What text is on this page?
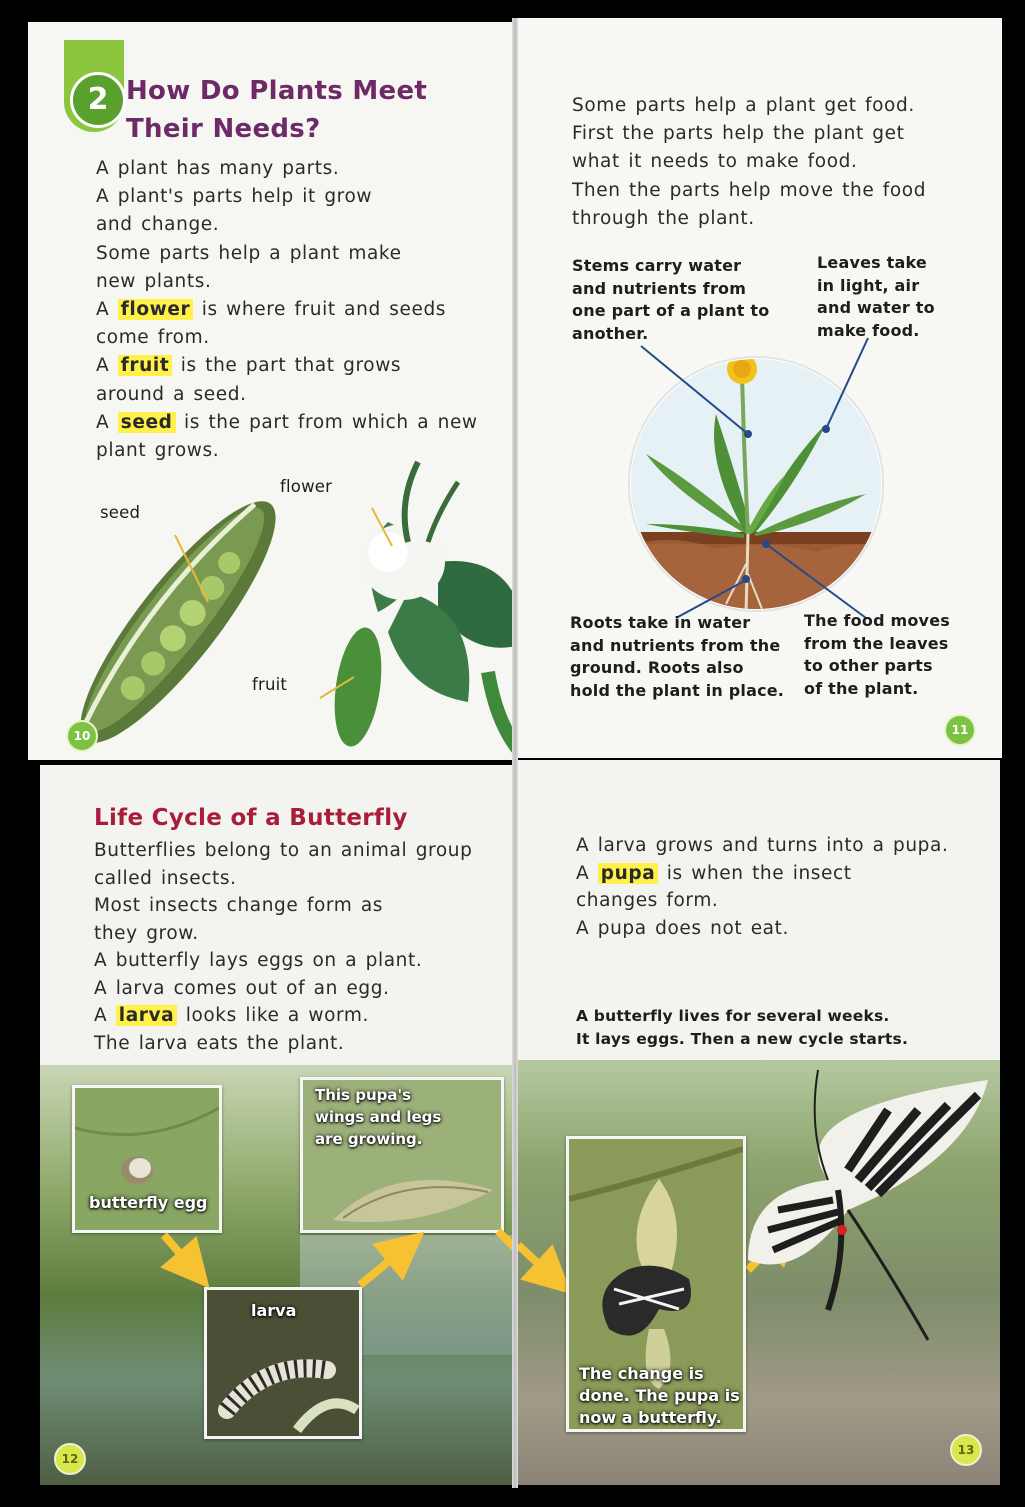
2 How Do Plants Meet
Their Needs?
A plant has many parts.
A plant's parts help it grow
and change.
Some parts help a plant make
new plants.
A flower is where fruit and seeds
come from.
A fruit is the part that grows
around a seed.
A seed is the part from which a new
plant grows.
seed
flower
fruit
10
Some parts help a plant get food.
First the parts help the plant get
what it needs to make food.
Then the parts help move the food
through the plant.
Stems carry water
and nutrients from
one part of a plant to
another.
Leaves take
in light, air
and water to
make food.
Roots take in water
and nutrients from the
ground. Roots also
hold the plant in place.
The food moves
from the leaves
to other parts
of the plant.
11
Life Cycle of a Butterfly
Butterflies belong to an animal group
called insects.
Most insects change form as
they grow.
A butterfly lays eggs on a plant.
A larva comes out of an egg.
A larva looks like a worm.
The larva eats the plant.
butterfly egg
This pupa's
wings and legs
are growing.
larva
12
A larva grows and turns into a pupa.
A pupa is when the insect
changes form.
A pupa does not eat.
A butterfly lives for several weeks.
It lays eggs. Then a new cycle starts.
The change is
done. The pupa is
now a butterfly.
13
